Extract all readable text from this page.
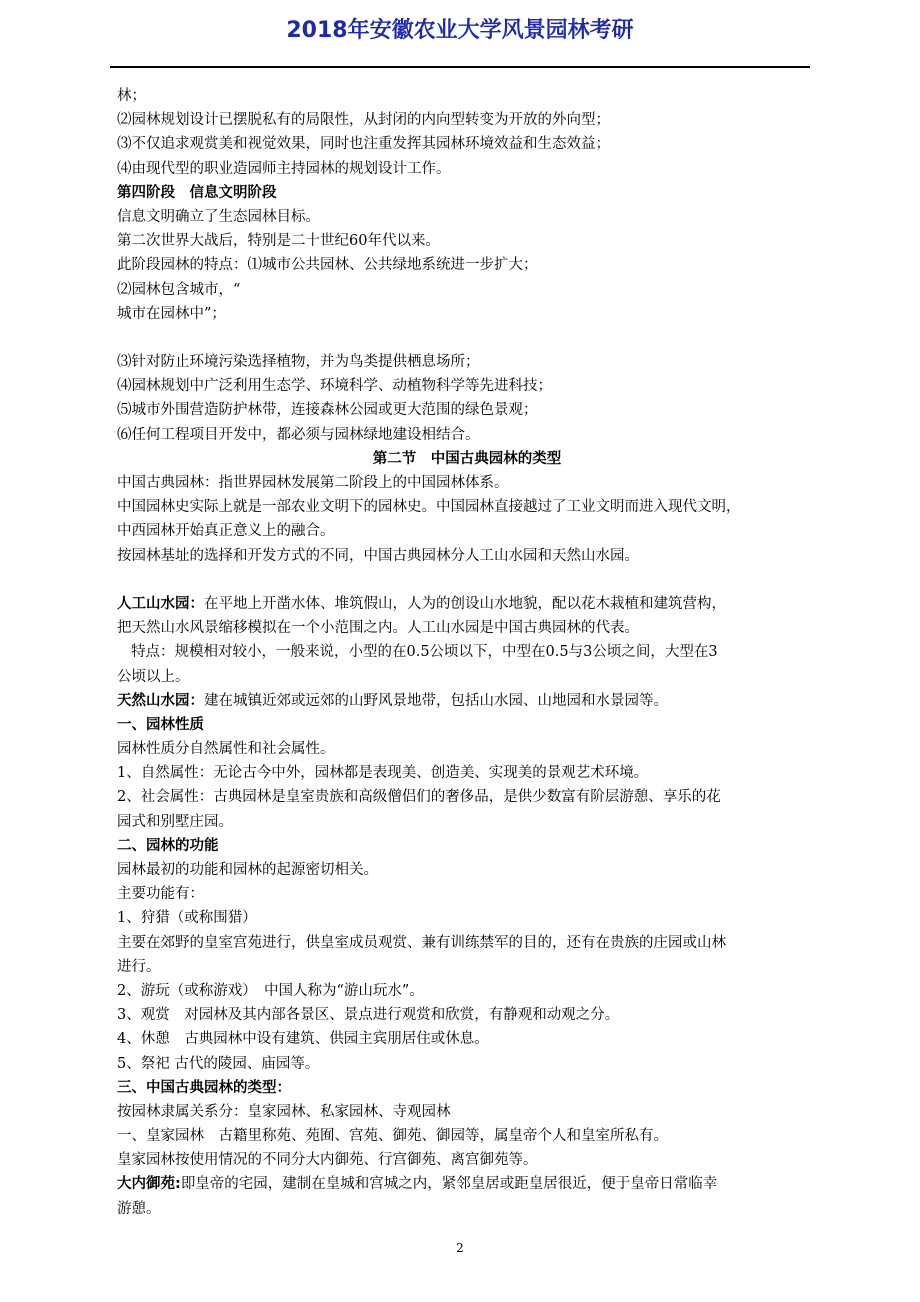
2018年安徽农业大学风景园林考研
林；
⑵园林规划设计已摆脱私有的局限性，从封闭的内向型转变为开放的外向型；
⑶不仅追求观赏美和视觉效果，同时也注重发挥其园林环境效益和生态效益；
⑷由现代型的职业造园师主持园林的规划设计工作。
第四阶段　信息文明阶段
信息文明确立了生态园林目标。
第二次世界大战后，特别是二十世纪60年代以来。
此阶段园林的特点：⑴城市公共园林、公共绿地系统进一步扩大；
⑵园林包含城市，“
城市在园林中”；
⑶针对防止环境污染选择植物，并为鸟类提供栖息场所；
⑷园林规划中广泛利用生态学、环境科学、动植物科学等先进科技；
⑸城市外围营造防护林带，连接森林公园或更大范围的绿色景观；
⑹任何工程项目开发中，都必须与园林绿地建设相结合。
第二节　中国古典园林的类型
中国古典园林：指世界园林发展第二阶段上的中国园林体系。
中国园林史实际上就是一部农业文明下的园林史。中国园林直接越过了工业文明而进入现代文明，
中西园林开始真正意义上的融合。
按园林基址的选择和开发方式的不同，中国古典园林分人工山水园和天然山水园。
人工山水园：在平地上开凿水体、堆筑假山，人为的创设山水地貌，配以花木栽植和建筑营构，
把天然山水风景缩移模拟在一个小范围之内。人工山水园是中国古典园林的代表。
特点：规模相对较小，一般来说，小型的在0.5公顷以下，中型在0.5与3公顷之间，大型在3
公顷以上。
天然山水园：建在城镇近郊或远郊的山野风景地带，包括山水园、山地园和水景园等。
一、园林性质
园林性质分自然属性和社会属性。
1、自然属性：无论古今中外，园林都是表现美、创造美、实现美的景观艺术环境。
2、社会属性：古典园林是皇室贵族和高级僧侣们的奢侈品，是供少数富有阶层游憩、享乐的花
园式和别墅庄园。
二、园林的功能
园林最初的功能和园林的起源密切相关。
主要功能有：
1、狩猎（或称围猎）
主要在郊野的皇室宫苑进行，供皇室成员观赏、兼有训练禁军的目的，还有在贵族的庄园或山林
进行。
2、游玩（或称游戏）　中国人称为“游山玩水”。
3、观赏　对园林及其内部各景区、景点进行观赏和欣赏，有静观和动观之分。
4、休憩　古典园林中设有建筑、供园主宾朋居住或休息。
5、祭祀 古代的陵园、庙园等。
三、中国古典园林的类型：
按园林隶属关系分：皇家园林、私家园林、寺观园林
一、皇家园林　古籍里称苑、苑囿、宫苑、御苑、御园等，属皇帝个人和皇室所私有。
皇家园林按使用情况的不同分大内御苑、行宫御苑、离宫御苑等。
大内御苑:即皇帝的宅园，建制在皇城和宫城之内，紧邻皇居或距皇居很近，便于皇帝日常临幸
游憩。
2
